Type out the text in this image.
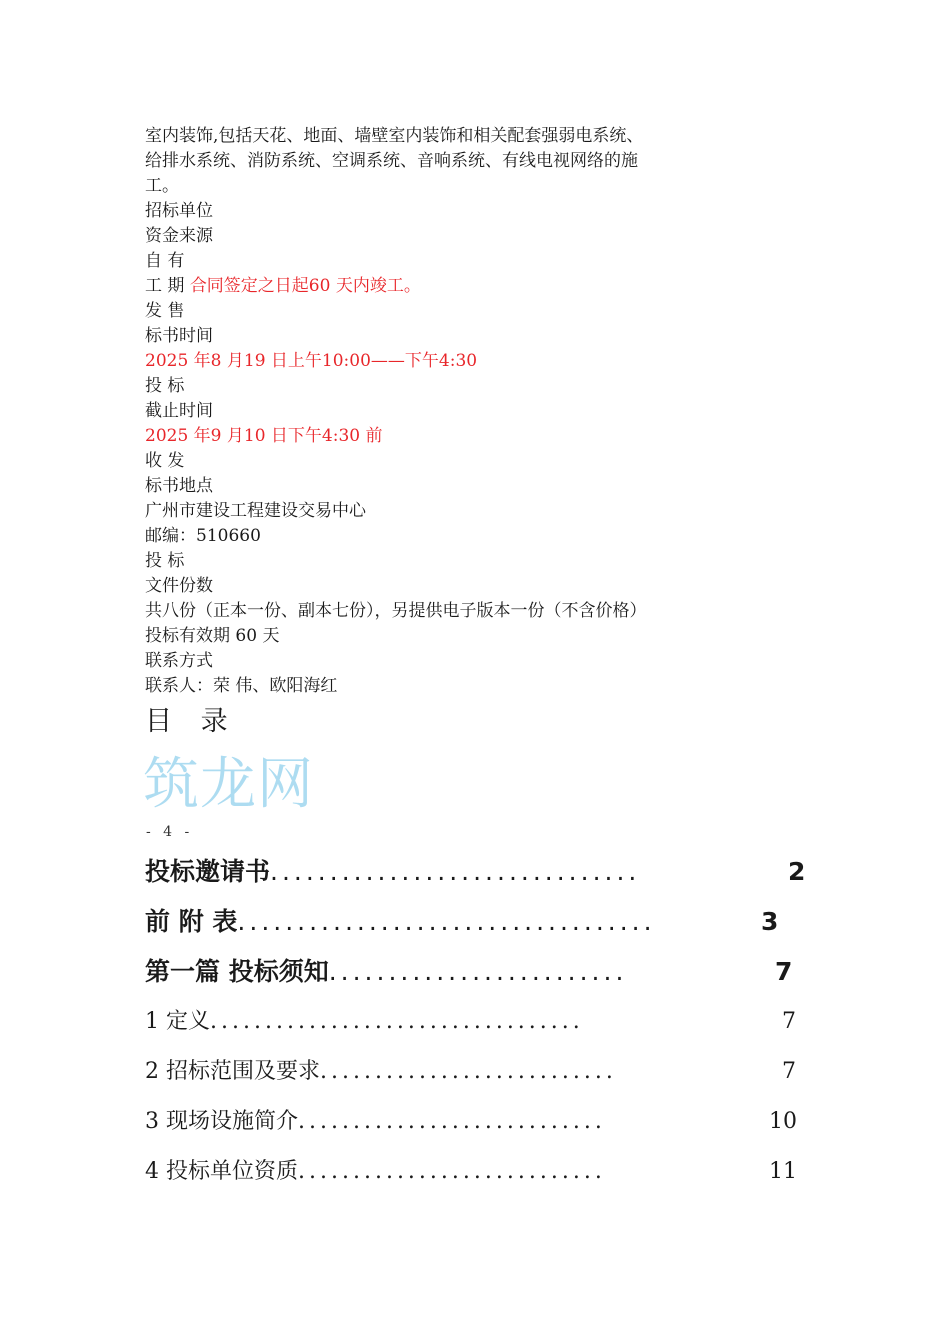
室内装饰,包括天花、地面、墙壁室内装饰和相关配套强弱电系统、
给排水系统、消防系统、空调系统、音响系统、有线电视网络的施
工。
招标单位
资金来源
自 有
工 期 合同签定之日起60 天内竣工。
发 售
标书时间
2025 年8 月19 日上午10:00——下午4:30
投 标
截止时间
2025 年9 月10 日下午4:30 前
收 发
标书地点
广州市建设工程建设交易中心
邮编：510660
投 标
文件份数
共八份（正本一份、副本七份），另提供电子版本一份（不含价格）
投标有效期 60 天
联系方式
联系人：荣 伟、欧阳海红
目 录
筑龙网
- 4 -
投标邀请书...............................	2
前 附 表...................................	3
第一篇 投标须知.........................	7
1 定义..................................	7
2 招标范围及要求...........................	7
3 现场设施简介............................	10
4 投标单位资质............................	11
